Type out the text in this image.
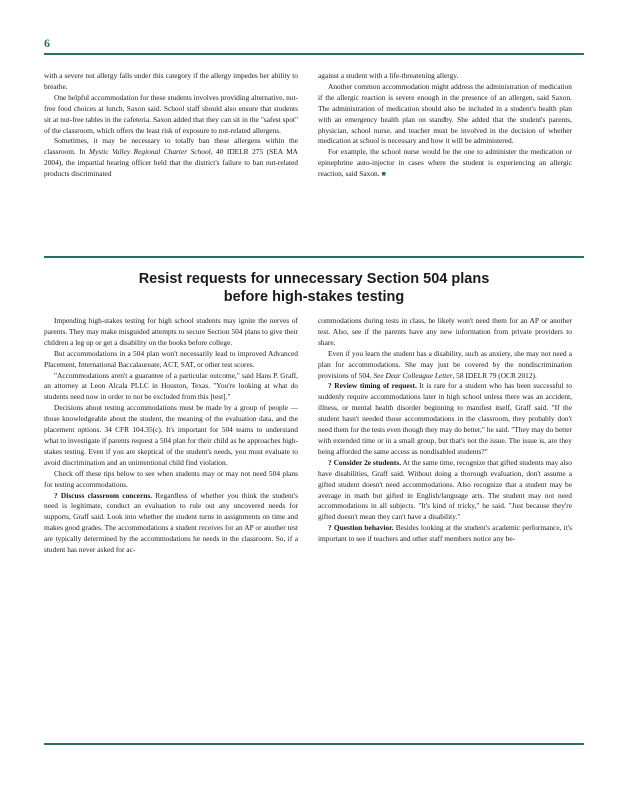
6

with a severe nut allergy falls under this category if the allergy impedes her ability to breathe.

One helpful accommodation for these students involves providing alternative, nut-free food choices at lunch, Saxon said. School staff should also ensure that students sit at nut-free tables in the cafeteria. Saxon added that they can sit in the "safest spot" of the classroom, which offers the least risk of exposure to nut-related allergens.

Sometimes, it may be necessary to totally ban these allergens within the classroom. In Mystic Valley Regional Charter School, 40 IDELR 275 (SEA MA 2004), the impartial hearing officer held that the district's failure to ban nut-related products discriminated

against a student with a life-threatening allergy.

Another common accommodation might address the administration of medication if the allergic reaction is severe enough in the presence of an allergen, said Saxon. The administration of medication should also be included in a student's health plan with an emergency health plan on standby. She added that the student's parents, physician, school nurse, and teacher must be involved in the decision of whether medication at school is necessary and how it will be administered.

For example, the school nurse would be the one to administer the medication or epinephrine auto-injector in cases where the student is experiencing an allergic reaction, said Saxon. ■

Resist requests for unnecessary Section 504 plans
before high-stakes testing

Impending high-stakes testing for high school students may ignite the nerves of parents. They may make misguided attempts to secure Section 504 plans to give their children a leg up or get a disability on the books before college.

But accommodations in a 504 plan won't necessarily lead to improved Advanced Placement, International Baccalaureate, ACT, SAT, or other test scores.

"Accommodations aren't a guarantee of a particular outcome," said Hans P. Graff, an attorney at Leon Alcala PLLC in Houston, Texas. "You're looking at what do students need now in order to not be excluded from this [test]."

Decisions about testing accommodations must be made by a group of people — those knowledgeable about the student, the meaning of the evaluation data, and the placement options. 34 CFR 104.35(c). It's important for 504 teams to understand what to investigate if parents request a 504 plan for their child as he approaches high-stakes testing. Even if you are skeptical of the student's needs, you must evaluate to avoid discrimination and an unintentional child find violation.

Check off these tips below to see when students may or may not need 504 plans for testing accommodations.

? Discuss classroom concerns. Regardless of whether you think the student's need is legitimate, conduct an evaluation to rule out any uncovered needs for supports, Graff said. Look into whether the student turns in assignments on time and makes good grades. The accommodations a student receives for an AP or another test are typically determined by the accommodations he needs in the classroom. So, if a student has never asked for ac-

commodations during tests in class, he likely won't need them for an AP or another test. Also, see if the parents have any new information from private providers to share.

Even if you learn the student has a disability, such as anxiety, she may not need a plan for accommodations. She may just be covered by the nondiscrimination provisions of 504. See Dear Colleague Letter, 58 IDELR 79 (OCR 2012).

? Review timing of request. It is rare for a student who has been successful to suddenly require accommodations later in high school unless there was an accident, illness, or mental health disorder beginning to manifest itself, Graff said. "If the student hasn't needed those accommodations in the classroom, they probably don't need them for the tests even though they may do better," he said. "They may do better with extended time or in a small group, but that's not the issue. The issue is, are they being afforded the same access as nondisabled students?"

? Consider 2e students. At the same time, recognize that gifted students may also have disabilities, Graff said. Without doing a thorough evaluation, don't assume a gifted student doesn't need accommodations. Also recognize that a student may be average in math but gifted in English/language arts. The student may not need accommodations in all subjects. "It's kind of tricky," he said. "Just because they're gifted doesn't mean they can't have a disability."

? Question behavior. Besides looking at the student's academic performance, it's important to see if teachers and other staff members notice any be-
